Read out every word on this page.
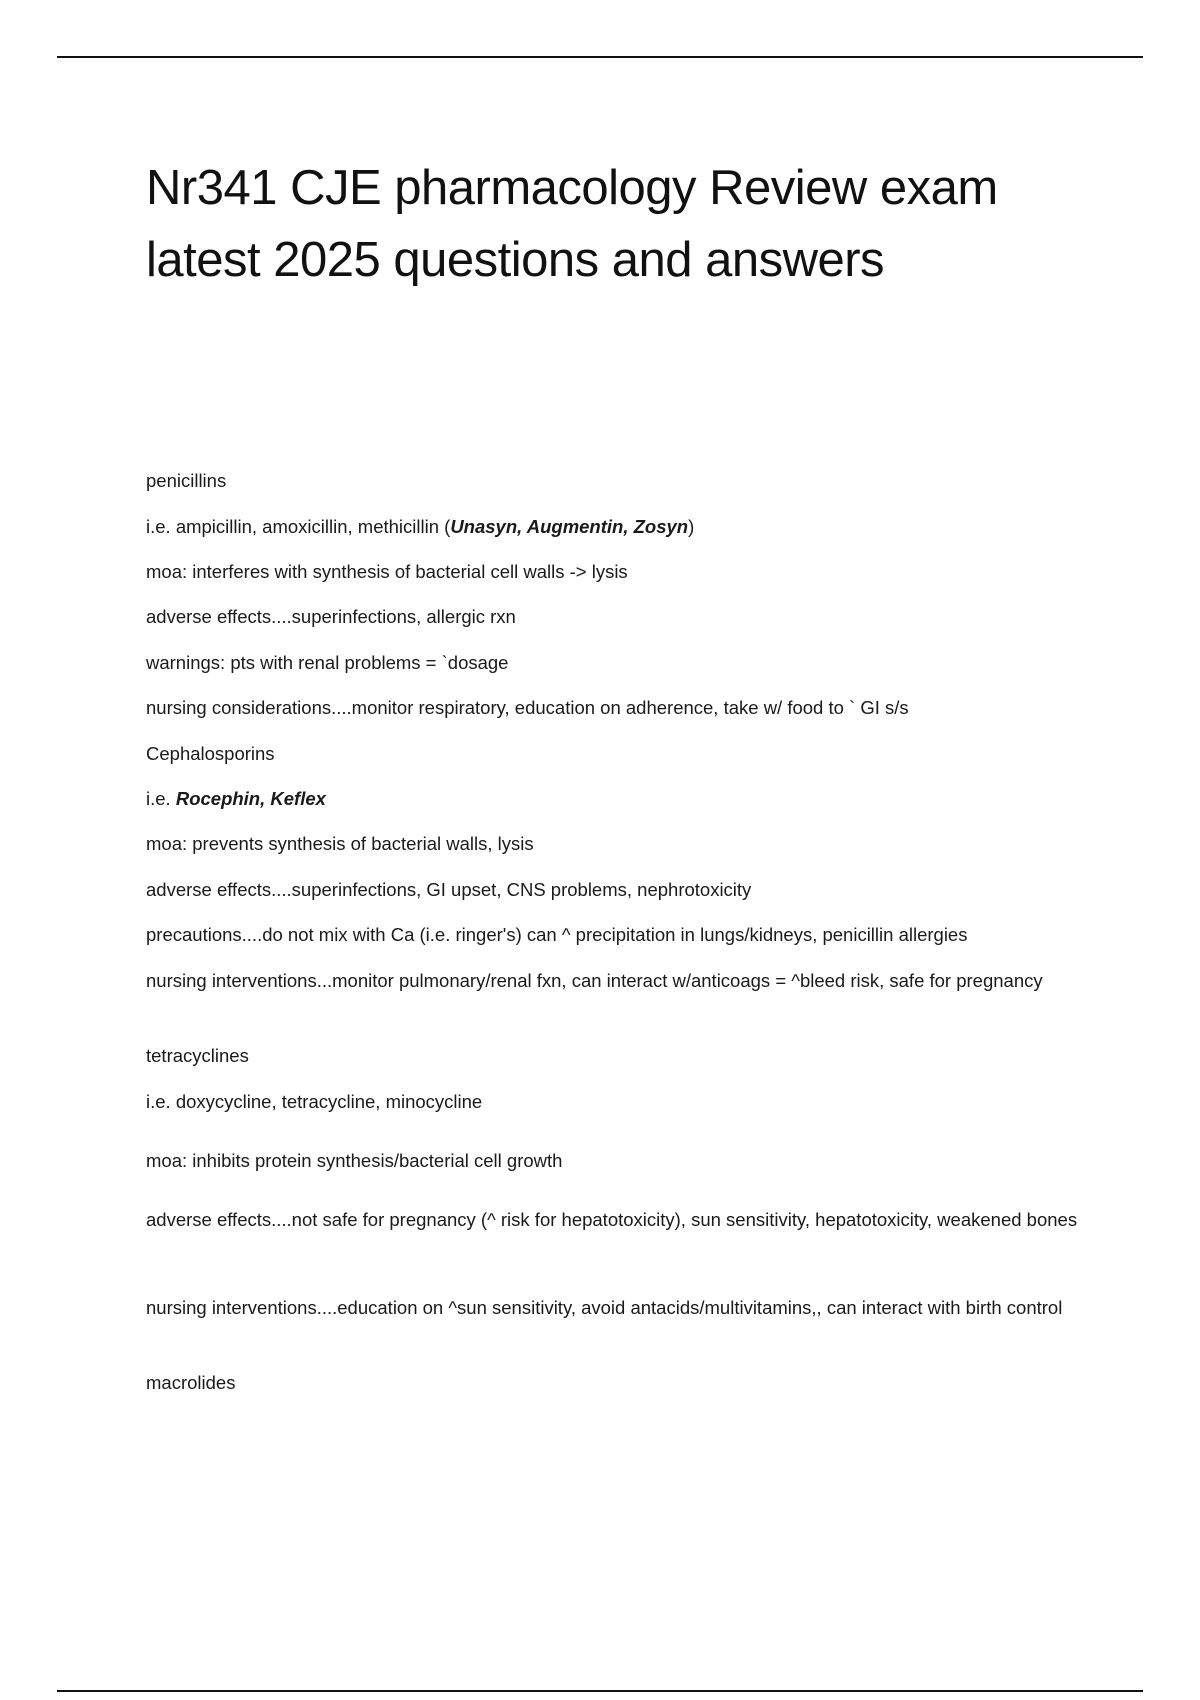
Nr341 CJE pharmacology Review exam
latest 2025 questions and answers

penicillins

i.e. ampicillin, amoxicillin, methicillin (Unasyn, Augmentin, Zosyn)

moa: interferes with synthesis of bacterial cell walls -> lysis

adverse effects....superinfections, allergic rxn

warnings: pts with renal problems = `dosage

nursing considerations....monitor respiratory, education on adherence, take w/ food to ` GI s/s

Cephalosporins

i.e. Rocephin, Keflex

moa: prevents synthesis of bacterial walls, lysis

adverse effects....superinfections, GI upset, CNS problems, nephrotoxicity

precautions....do not mix with Ca (i.e. ringer's) can ^ precipitation in lungs/kidneys, penicillin allergies

nursing interventions...monitor pulmonary/renal fxn, can interact w/anticoags = ^bleed risk, safe for pregnancy

tetracyclines

i.e. doxycycline, tetracycline, minocycline

moa: inhibits protein synthesis/bacterial cell growth

adverse effects....not safe for pregnancy (^ risk for hepatotoxicity), sun sensitivity, hepatotoxicity, weakened bones

nursing interventions....education on ^sun sensitivity, avoid antacids/multivitamins,, can interact with birth control

macrolides
